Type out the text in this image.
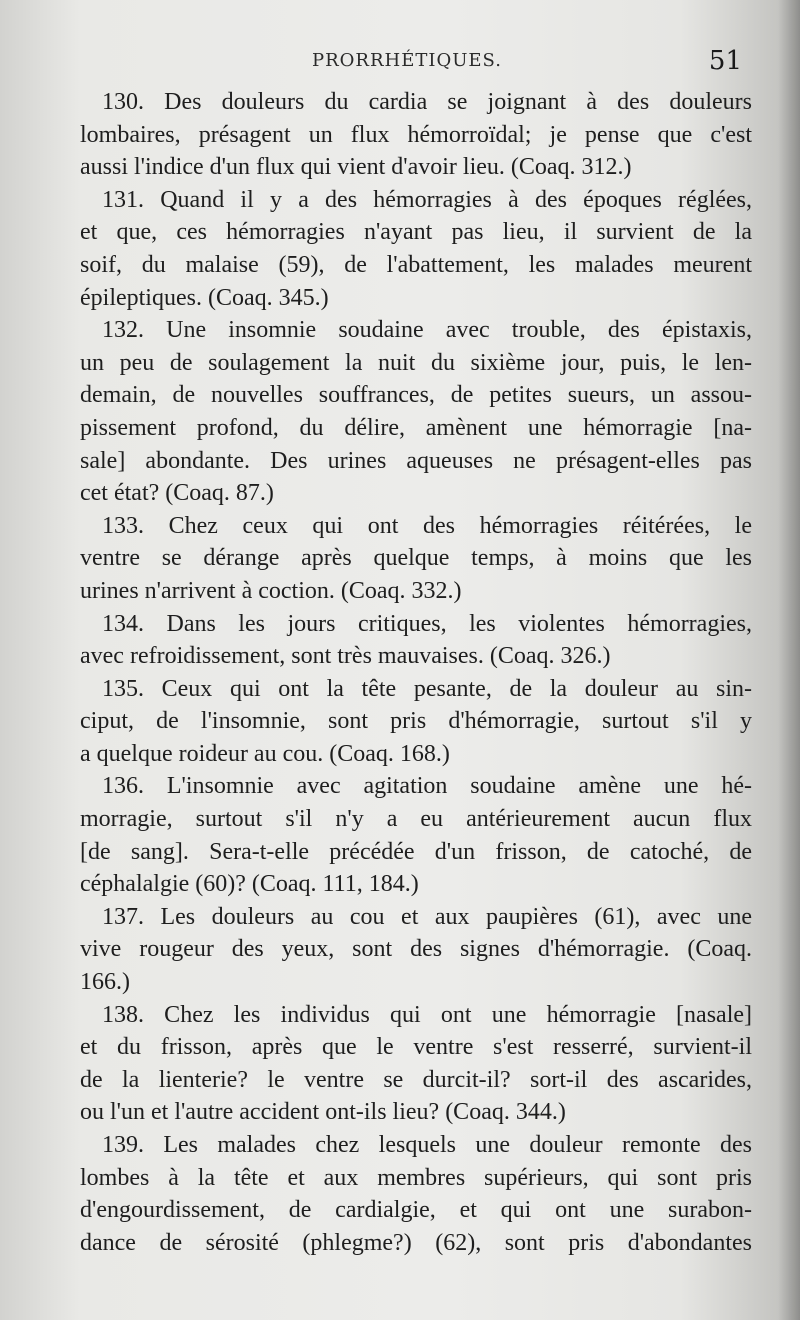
PRORRHÉTIQUES.	51
130. Des douleurs du cardia se joignant à des douleurs
lombaires, présagent un flux hémorroïdal; je pense que c'est
aussi l'indice d'un flux qui vient d'avoir lieu. (Coaq. 312.)
131. Quand il y a des hémorragies à des époques réglées,
et que, ces hémorragies n'ayant pas lieu, il survient de la
soif, du malaise (59), de l'abattement, les malades meurent
épileptiques. (Coaq. 345.)
132. Une insomnie soudaine avec trouble, des épistaxis,
un peu de soulagement la nuit du sixième jour, puis, le len-
demain, de nouvelles souffrances, de petites sueurs, un assou-
pissement profond, du délire, amènent une hémorragie [na-
sale] abondante. Des urines aqueuses ne présagent-elles pas
cet état? (Coaq. 87.)
133. Chez ceux qui ont des hémorragies réitérées, le
ventre se dérange après quelque temps, à moins que les
urines n'arrivent à coction. (Coaq. 332.)
134. Dans les jours critiques, les violentes hémorragies,
avec refroidissement, sont très mauvaises. (Coaq. 326.)
135. Ceux qui ont la tête pesante, de la douleur au sin-
ciput, de l'insomnie, sont pris d'hémorragie, surtout s'il y
a quelque roideur au cou. (Coaq. 168.)
136. L'insomnie avec agitation soudaine amène une hé-
morragie, surtout s'il n'y a eu antérieurement aucun flux
[de sang]. Sera-t-elle précédée d'un frisson, de catoché, de
céphalalgie (60)? (Coaq. 111, 184.)
137. Les douleurs au cou et aux paupières (61), avec une
vive rougeur des yeux, sont des signes d'hémorragie. (Coaq.
166.)
138. Chez les individus qui ont une hémorragie [nasale]
et du frisson, après que le ventre s'est resserré, survient-il
de la lienterie? le ventre se durcit-il? sort-il des ascarides,
ou l'un et l'autre accident ont-ils lieu? (Coaq. 344.)
139. Les malades chez lesquels une douleur remonte des
lombes à la tête et aux membres supérieurs, qui sont pris
d'engourdissement, de cardialgie, et qui ont une surabon-
dance de sérosité (phlegme?) (62), sont pris d'abondantes
